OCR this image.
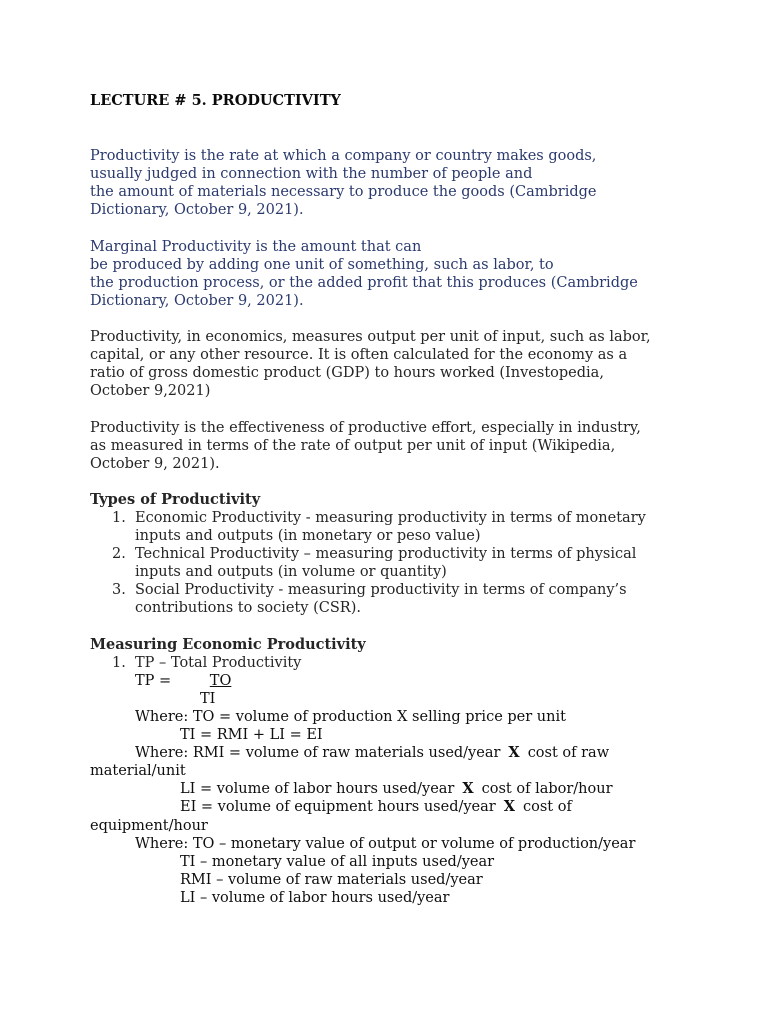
LECTURE # 5. PRODUCTIVITY

Productivity is the rate at which a company or country makes goods,
usually judged in connection with the number of people and
the amount of materials necessary to produce the goods (Cambridge
Dictionary, October 9, 2021).
Marginal Productivity is the amount that can
be produced by adding one unit of something, such as labor, to
the production process, or the added profit that this produces (Cambridge
Dictionary, October 9, 2021).
Productivity, in economics, measures output per unit of input, such as labor,
capital, or any other resource. It is often calculated for the economy as a
ratio of gross domestic product (GDP) to hours worked (Investopedia,
October 9,2021)
Productivity is the effectiveness of productive effort, especially in industry,
as measured in terms of the rate of output per unit of input (Wikipedia,
October 9, 2021).

Types of Productivity

1. Economic Productivity - measuring productivity in terms of monetary
inputs and outputs (in monetary or peso value)
2. Technical Productivity – measuring productivity in terms of physical
inputs and outputs (in volume or quantity)
3. Social Productivity - measuring productivity in terms of company’s
contributions to society (CSR).

Measuring Economic Productivity

1. TP – Total Productivity
TP = TO
TI
Where: TO = volume of production X selling price per unit
TI = RMI + LI = EI
Where: RMI = volume of raw materials used/year X cost of raw
material/unit
LI = volume of labor hours used/year X cost of labor/hour
EI = volume of equipment hours used/year X cost of
equipment/hour
Where: TO – monetary value of output or volume of production/year
TI – monetary value of all inputs used/year
RMI – volume of raw materials used/year
LI – volume of labor hours used/year
